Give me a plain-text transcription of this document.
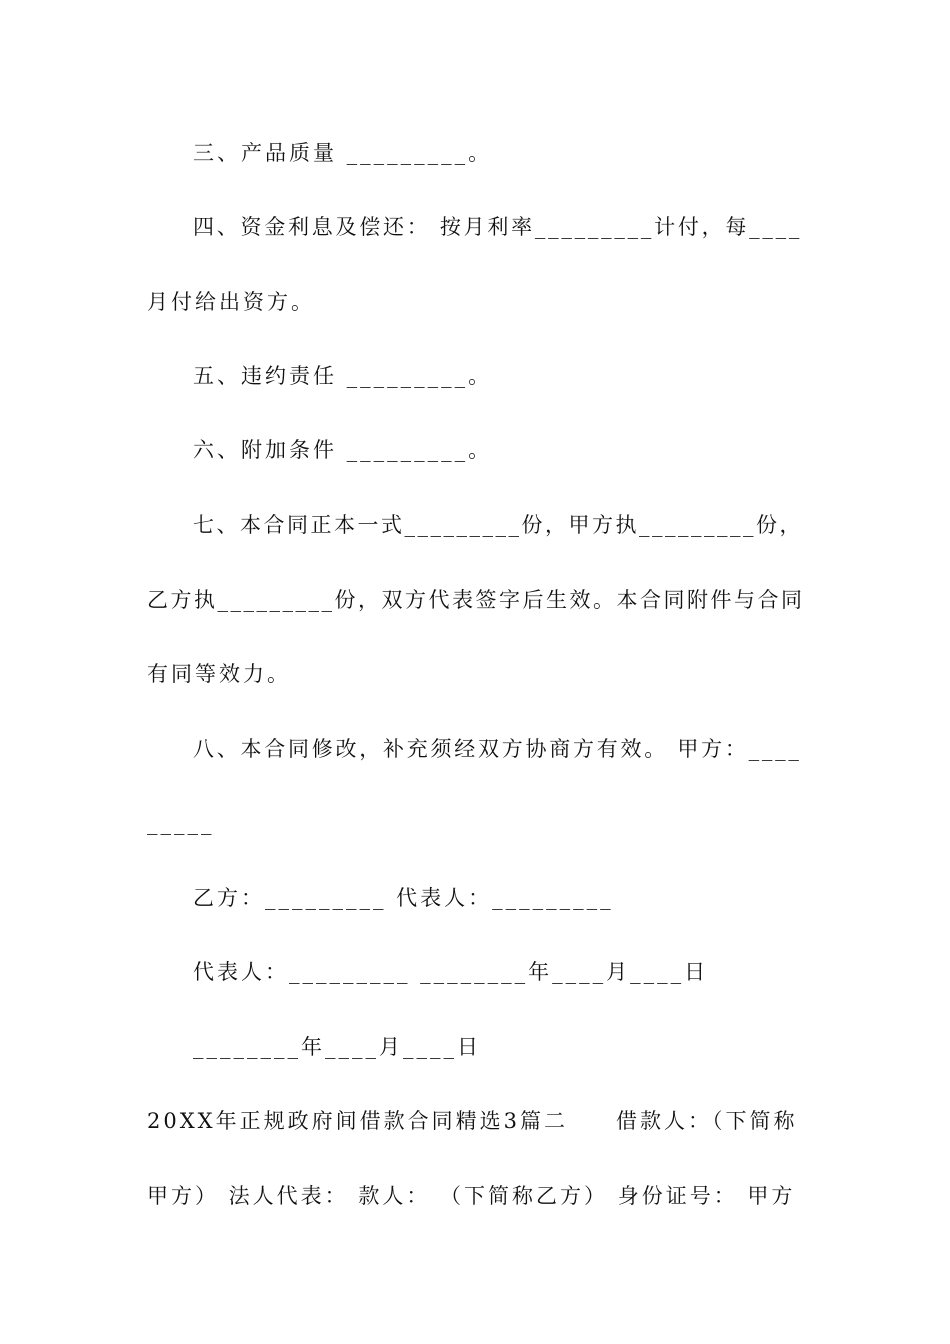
三、产品质量 _________。
四、资金利息及偿还： 按月利率_________计付，每____
月付给出资方。
五、违约责任 _________。
六、附加条件 _________。
七、本合同正本一式_________份，甲方执_________份，
乙方执_________份，双方代表签字后生效。本合同附件与合同
有同等效力。
八、本合同修改，补充须经双方协商方有效。 甲方：____
_____
乙方：_________ 代表人：_________
代表人：_________ ________年____月____日
________年____月____日
20XX年正规政府间借款合同精选3篇二　　借款人：（下简称
甲方） 法人代表： 款人： （下简称乙方） 身份证号： 甲方
